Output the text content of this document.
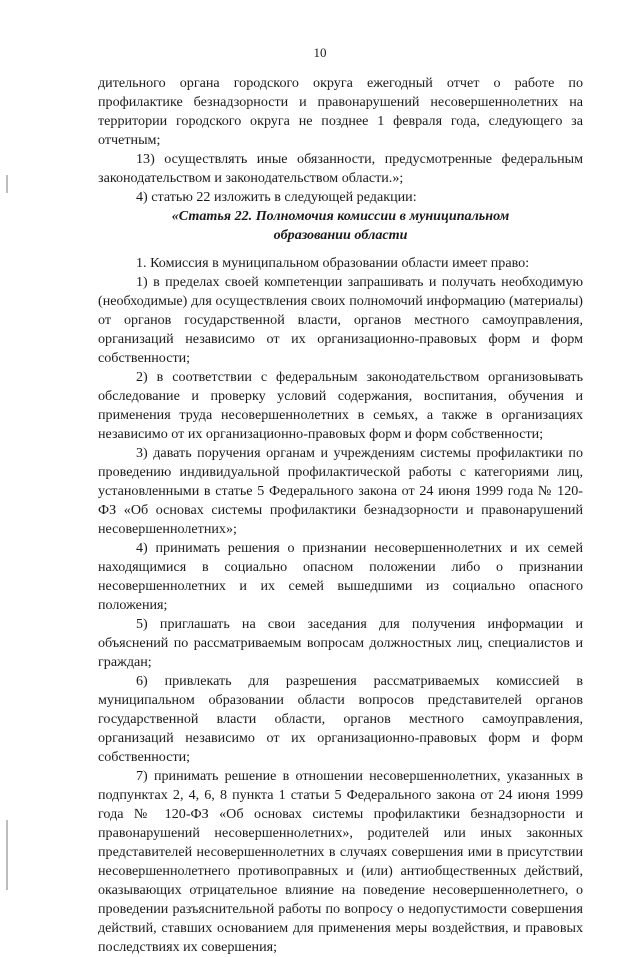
10

дительного органа городского округа ежегодный отчет о работе по профилактике безнадзорности и правонарушений несовершеннолетних на территории городского округа не позднее 1 февраля года, следующего за отчетным;

13) осуществлять иные обязанности, предусмотренные федеральным законодательством и законодательством области.»;

4) статью 22 изложить в следующей редакции:

«Статья 22. Полномочия комиссии в муниципальном
образовании области

1. Комиссия в муниципальном образовании области имеет право:

1) в пределах своей компетенции запрашивать и получать необходимую (необходимые) для осуществления своих полномочий информацию (материалы) от органов государственной власти, органов местного самоуправления, организаций независимо от их организационно-правовых форм и форм собственности;

2) в соответствии с федеральным законодательством организовывать обследование и проверку условий содержания, воспитания, обучения и применения труда несовершеннолетних в семьях, а также в организациях независимо от их организационно-правовых форм и форм собственности;

3) давать поручения органам и учреждениям системы профилактики по проведению индивидуальной профилактической работы с категориями лиц, установленными в статье 5 Федерального закона от 24 июня 1999 года № 120-ФЗ «Об основах системы профилактики безнадзорности и правонарушений несовершеннолетних»;

4) принимать решения о признании несовершеннолетних и их семей находящимися в социально опасном положении либо о признании несовершеннолетних и их семей вышедшими из социально опасного положения;

5) приглашать на свои заседания для получения информации и объяснений по рассматриваемым вопросам должностных лиц, специалистов и граждан;

6) привлекать для разрешения рассматриваемых комиссией в муниципальном образовании области вопросов представителей органов государственной власти области, органов местного самоуправления, организаций независимо от их организационно-правовых форм и форм собственности;

7) принимать решение в отношении несовершеннолетних, указанных в подпунктах 2, 4, 6, 8 пункта 1 статьи 5 Федерального закона от 24 июня 1999 года № 120-ФЗ «Об основах системы профилактики безнадзорности и правонарушений несовершеннолетних», родителей или иных законных представителей несовершеннолетних в случаях совершения ими в присутствии несовершеннолетнего противоправных и (или) антиобщественных действий, оказывающих отрицательное влияние на поведение несовершеннолетнего, о проведении разъяснительной работы по вопросу о недопустимости совершения действий, ставших основанием для применения меры воздействия, и правовых последствиях их совершения;
